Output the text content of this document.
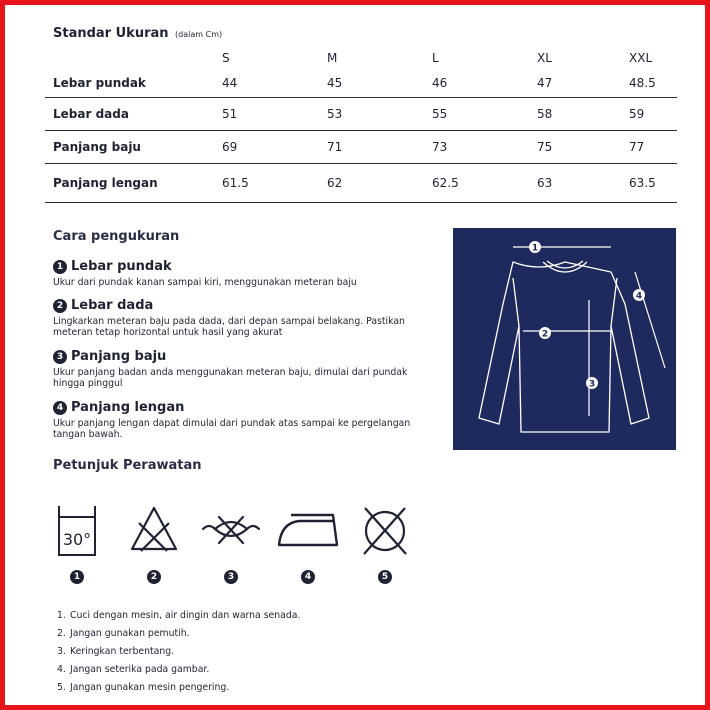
Standar Ukuran (dalam Cm)
	S	M	L	XL	XXL
Lebar pundak	44	45	46	47	48.5
Lebar dada	51	53	55	58	59
Panjang baju	69	71	73	75	77
Panjang lengan	61.5	62	62.5	63	63.5
Cara pengukuran
1 Lebar pundak
Ukur dari pundak kanan sampai kiri, menggunakan meteran baju
2 Lebar dada
Lingkarkan meteran baju pada dada, dari depan sampai belakang. Pastikan meteran tetap horizontal untuk hasil yang akurat
3 Panjang baju
Ukur panjang badan anda menggunakan meteran baju, dimulai dari pundak hingga pinggul
4 Panjang lengan
Ukur panjang lengan dapat dimulai dari pundak atas sampai ke pergelangan tangan bawah.
1
2
3
4
Petunjuk Perawatan
30°
1	2	3	4	5
1. Cuci dengan mesin, air dingin dan warna senada.
2. Jangan gunakan pemutih.
3. Keringkan terbentang.
4. Jangan seterika pada gambar.
5. Jangan gunakan mesin pengering.
